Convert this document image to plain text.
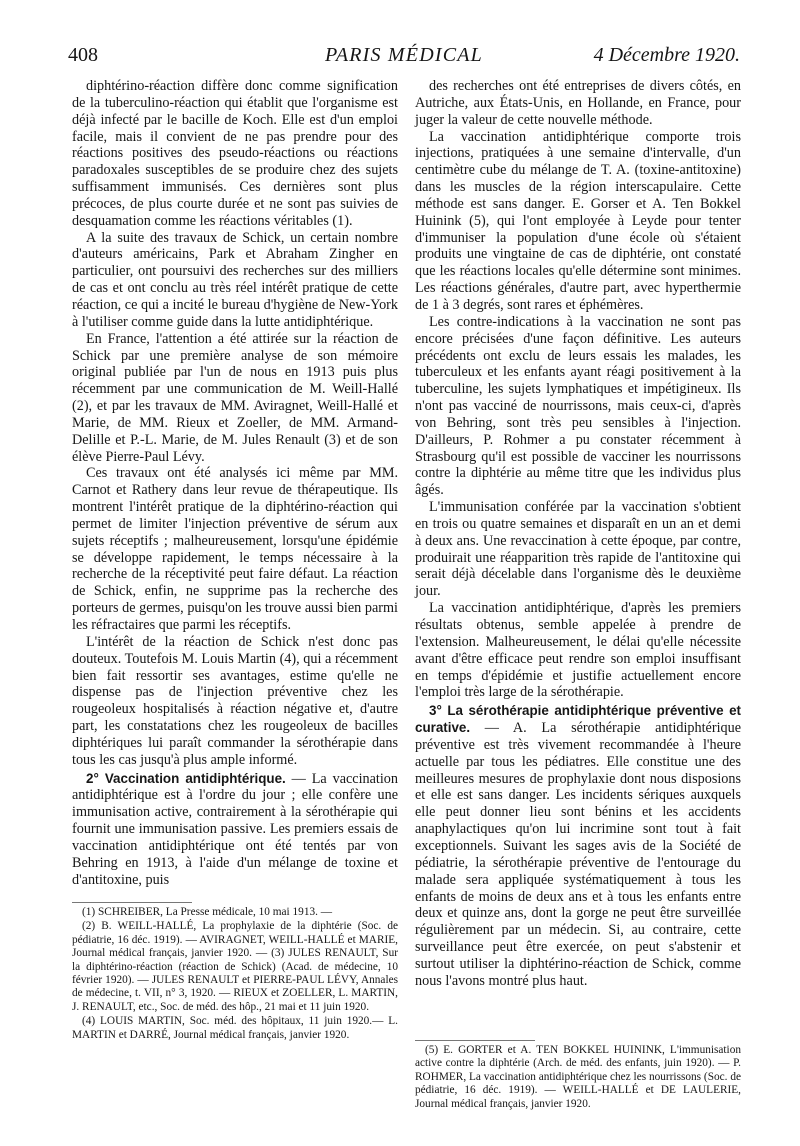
408	PARIS MÉDICAL	4 Décembre 1920.

diphtérino-réaction diffère donc comme signification de la tuberculino-réaction qui établit que l'organisme est déjà infecté par le bacille de Koch. Elle est d'un emploi facile, mais il convient de ne pas prendre pour des réactions positives des pseudo-réactions ou réactions paradoxales susceptibles de se produire chez des sujets suffisamment immunisés. Ces dernières sont plus précoces, de plus courte durée et ne sont pas suivies de desquamation comme les réactions véritables (1).

A la suite des travaux de Schick, un certain nombre d'auteurs américains, Park et Abraham Zingher en particulier, ont poursuivi des recherches sur des milliers de cas et ont conclu au très réel intérêt pratique de cette réaction, ce qui a incité le bureau d'hygiène de New-York à l'utiliser comme guide dans la lutte antidiphtérique.

En France, l'attention a été attirée sur la réaction de Schick par une première analyse de son mémoire original publiée par l'un de nous en 1913 puis plus récemment par une communication de M. Weill-Hallé (2), et par les travaux de MM. Aviragnet, Weill-Hallé et Marie, de MM. Rieux et Zoeller, de MM. Armand-Delille et P.-L. Marie, de M. Jules Renault (3) et de son élève Pierre-Paul Lévy.

Ces travaux ont été analysés ici même par MM. Carnot et Rathery dans leur revue de thérapeutique. Ils montrent l'intérêt pratique de la diphtérino-réaction qui permet de limiter l'injection préventive de sérum aux sujets réceptifs ; malheureusement, lorsqu'une épidémie se développe rapidement, le temps nécessaire à la recherche de la réceptivité peut faire défaut. La réaction de Schick, enfin, ne supprime pas la recherche des porteurs de germes, puisqu'on les trouve aussi bien parmi les réfractaires que parmi les réceptifs.

L'intérêt de la réaction de Schick n'est donc pas douteux. Toutefois M. Louis Martin (4), qui a récemment bien fait ressortir ses avantages, estime qu'elle ne dispense pas de l'injection préventive chez les rougeoleux hospitalisés à réaction négative et, d'autre part, les constatations chez les rougeoleux de bacilles diphtériques lui paraît commander la sérothérapie dans tous les cas jusqu'à plus ample informé.

2° Vaccination antidiphtérique. — La vaccination antidiphtérique est à l'ordre du jour ; elle confère une immunisation active, contrairement à la sérothérapie qui fournit une immunisation passive. Les premiers essais de vaccination antidiphtérique ont été tentés par von Behring en 1913, à l'aide d'un mélange de toxine et d'antitoxine, puis

des recherches ont été entreprises de divers côtés, en Autriche, aux États-Unis, en Hollande, en France, pour juger la valeur de cette nouvelle méthode.

La vaccination antidiphtérique comporte trois injections, pratiquées à une semaine d'intervalle, d'un centimètre cube du mélange de T. A. (toxine-antitoxine) dans les muscles de la région interscapulaire. Cette méthode est sans danger. E. Gorser et A. Ten Bokkel Huinink (5), qui l'ont employée à Leyde pour tenter d'immuniser la population d'une école où s'étaient produits une vingtaine de cas de diphtérie, ont constaté que les réactions locales qu'elle détermine sont minimes. Les réactions générales, d'autre part, avec hyperthermie de 1 à 3 degrés, sont rares et éphémères.

Les contre-indications à la vaccination ne sont pas encore précisées d'une façon définitive. Les auteurs précédents ont exclu de leurs essais les malades, les tuberculeux et les enfants ayant réagi positivement à la tuberculine, les sujets lymphatiques et impétigineux. Ils n'ont pas vacciné de nourrissons, mais ceux-ci, d'après von Behring, sont très peu sensibles à l'injection. D'ailleurs, P. Rohmer a pu constater récemment à Strasbourg qu'il est possible de vacciner les nourrissons contre la diphtérie au même titre que les individus plus âgés.

L'immunisation conférée par la vaccination s'obtient en trois ou quatre semaines et disparaît en un an et demi à deux ans. Une revaccination à cette époque, par contre, produirait une réapparition très rapide de l'antitoxine qui serait déjà décelable dans l'organisme dès le deuxième jour.

La vaccination antidiphtérique, d'après les premiers résultats obtenus, semble appelée à prendre de l'extension. Malheureusement, le délai qu'elle nécessite avant d'être efficace peut rendre son emploi insuffisant en temps d'épidémie et justifie actuellement encore l'emploi très large de la sérothérapie.

3° La sérothérapie antidiphtérique préventive et curative. — A. La sérothérapie antidiphtérique préventive est très vivement recommandée à l'heure actuelle par tous les pédiatres. Elle constitue une des meilleures mesures de prophylaxie dont nous disposions et elle est sans danger. Les incidents sériques auxquels elle peut donner lieu sont bénins et les accidents anaphylactiques qu'on lui incrimine sont tout à fait exceptionnels. Suivant les sages avis de la Société de pédiatrie, la sérothérapie préventive de l'entourage du malade sera appliquée systématiquement à tous les enfants de moins de deux ans et à tous les enfants entre deux et quinze ans, dont la gorge ne peut être surveillée régulièrement par un médecin. Si, au contraire, cette surveillance peut être exercée, on peut s'abstenir et surtout utiliser la diphtérino-réaction de Schick, comme nous l'avons montré plus haut.

(1) SCHREIBER, La Presse médicale, 10 mai 1913. —

(2) B. WEILL-HALLÉ, La prophylaxie de la diphtérie (Soc. de pédiatrie, 16 déc. 1919). — AVIRAGNET, WEILL-HALLÉ et MARIE, Journal médical français, janvier 1920. — (3) JULES RENAULT, Sur la diphtérino-réaction (réaction de Schick) (Acad. de médecine, 10 février 1920). — JULES RENAULT et PIERRE-PAUL LÉVY, Annales de médecine, t. VII, n° 3, 1920. — RIEUX et ZOELLER, L. MARTIN, J. RENAULT, etc., Soc. de méd. des hôp., 21 mai et 11 juin 1920.

(4) LOUIS MARTIN, Soc. méd. des hôpitaux, 11 juin 1920.— L. MARTIN et DARRÉ, Journal médical français, janvier 1920.

(5) E. GORTER et A. TEN BOKKEL HUININK, L'immunisation active contre la diphtérie (Arch. de méd. des enfants, juin 1920). — P. ROHMER, La vaccination antidiphtérique chez les nourrissons (Soc. de pédiatrie, 16 déc. 1919). — WEILL-HALLÉ et DE LAULERIE, Journal médical français, janvier 1920.
